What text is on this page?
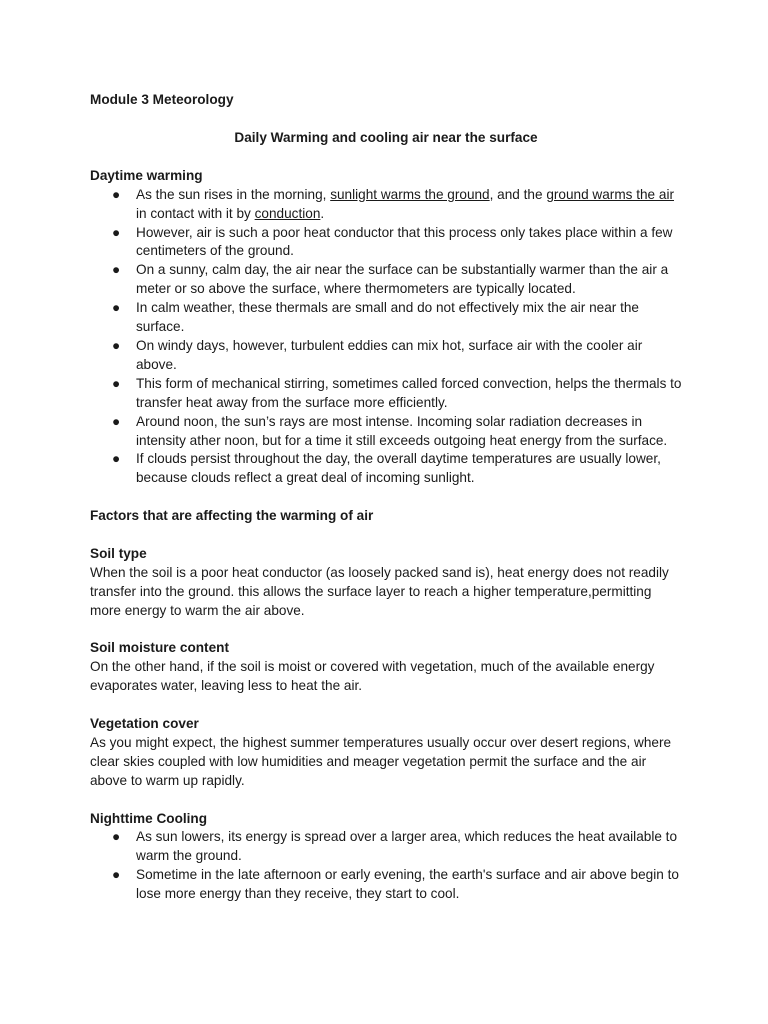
Module 3 Meteorology

Daily Warming and cooling air near the surface

Daytime warming

● As the sun rises in the morning, sunlight warms the ground, and the ground warms the air in contact with it by conduction.
● However, air is such a poor heat conductor that this process only takes place within a few centimeters of the ground.
● On a sunny, calm day, the air near the surface can be substantially warmer than the air a meter or so above the surface, where thermometers are typically located.
● In calm weather, these thermals are small and do not effectively mix the air near the surface.
● On windy days, however, turbulent eddies can mix hot, surface air with the cooler air above.
● This form of mechanical stirring, sometimes called forced convection, helps the thermals to transfer heat away from the surface more efficiently.
● Around noon, the sun’s rays are most intense. Incoming solar radiation decreases in intensity ather noon, but for a time it still exceeds outgoing heat energy from the surface.
● If clouds persist throughout the day, the overall daytime temperatures are usually lower, because clouds reflect a great deal of incoming sunlight.

Factors that are affecting the warming of air

Soil type

When the soil is a poor heat conductor (as loosely packed sand is), heat energy does not readily transfer into the ground. this allows the surface layer to reach a higher temperature,permitting more energy to warm the air above.

Soil moisture content

On the other hand, if the soil is moist or covered with vegetation, much of the available energy evaporates water, leaving less to heat the air.

Vegetation cover

As you might expect, the highest summer temperatures usually occur over desert regions, where clear skies coupled with low humidities and meager vegetation permit the surface and the air above to warm up rapidly.

Nighttime Cooling

● As sun lowers, its energy is spread over a larger area, which reduces the heat available to warm the ground.
● Sometime in the late afternoon or early evening, the earth's surface and air above begin to lose more energy than they receive, they start to cool.
